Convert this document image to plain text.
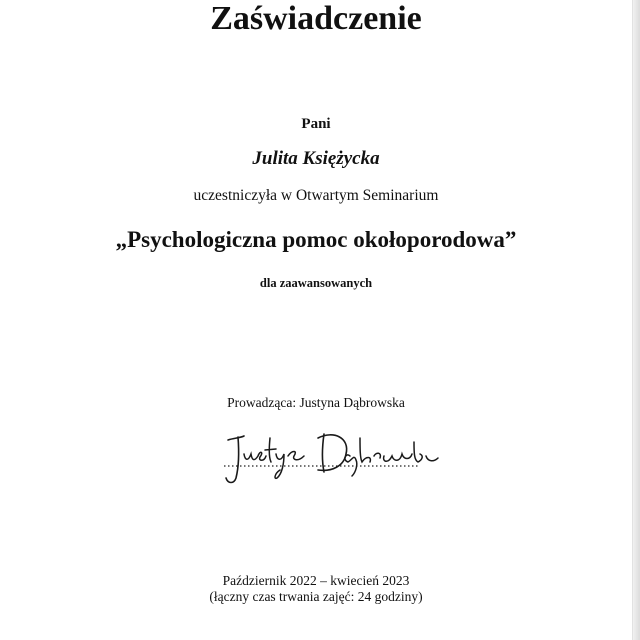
Zaświadczenie
Pani
Julita Księżycka
uczestniczyła w Otwartym Seminarium
„Psychologiczna pomoc okołoporodowa”
dla zaawansowanych
Prowadząca: Justyna Dąbrowska
Październik 2022 – kwiecień 2023
(łączny czas trwania zajęć: 24 godziny)
